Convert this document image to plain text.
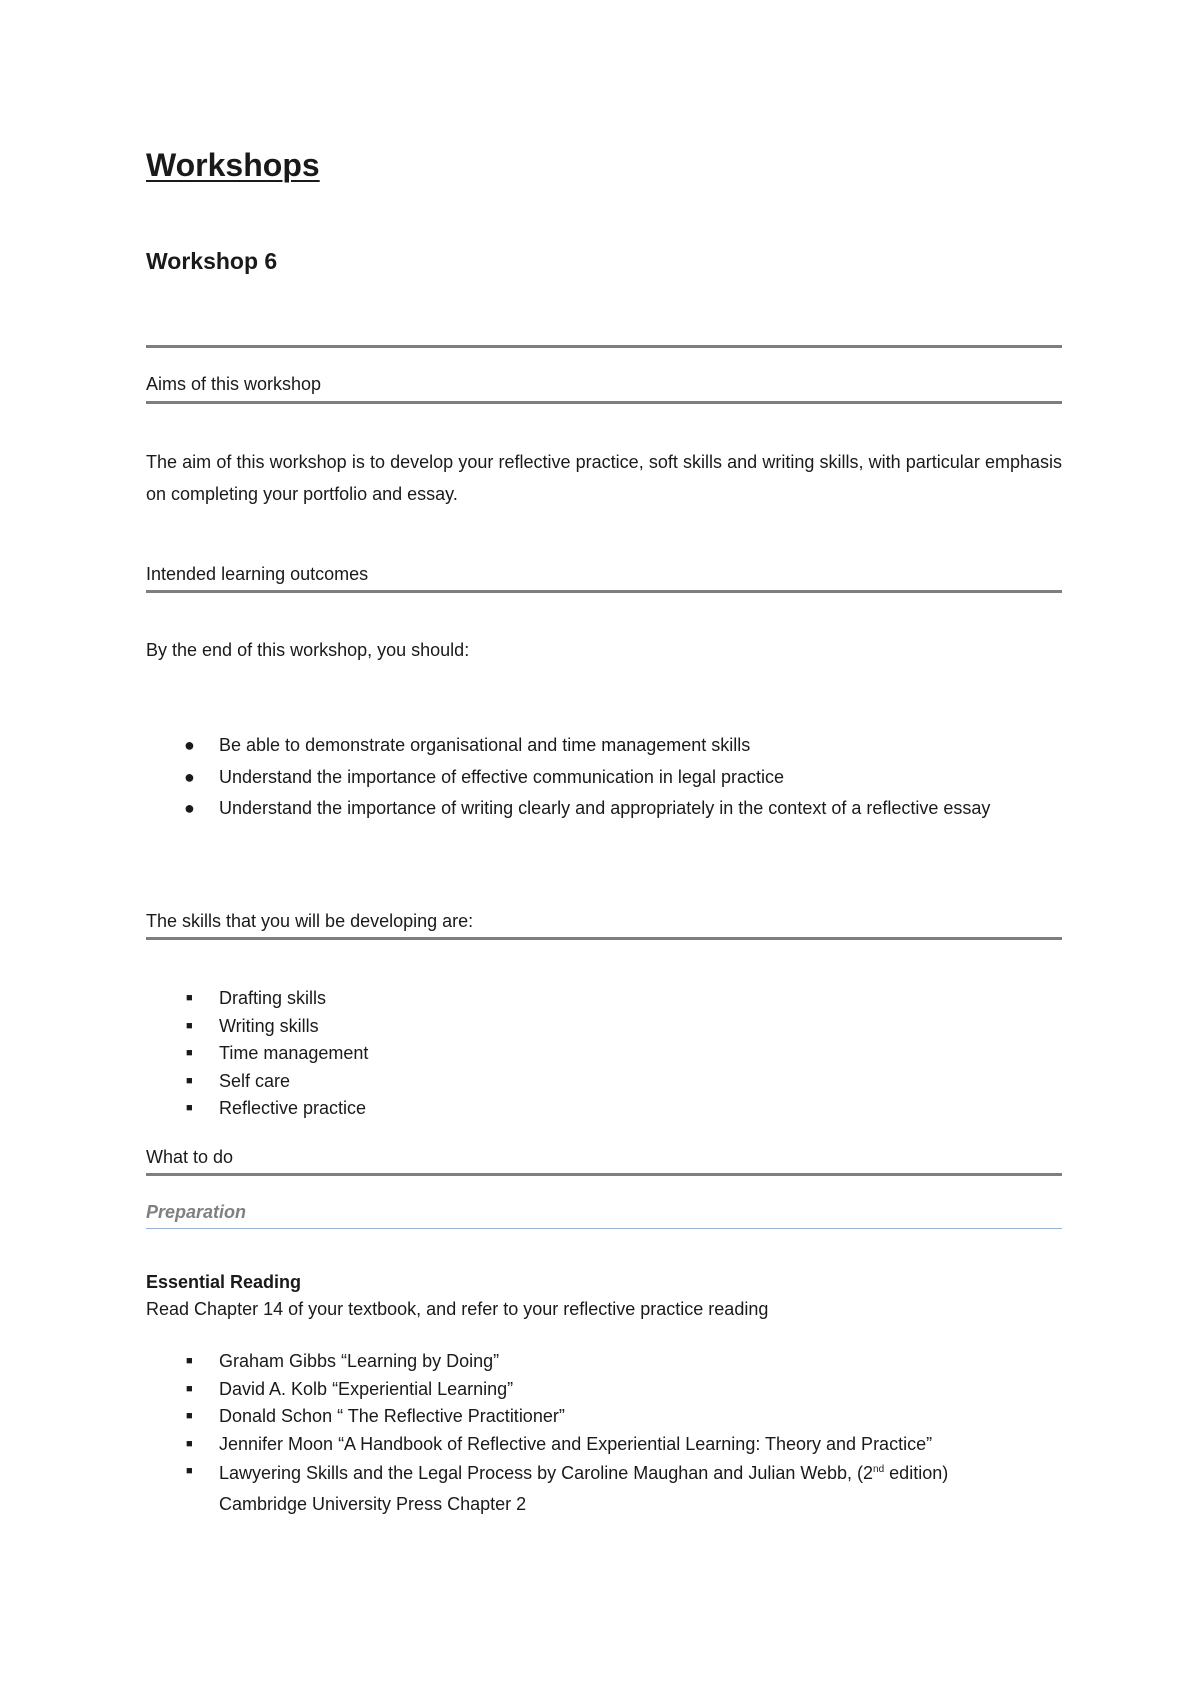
Workshops
Workshop 6

Aims of this workshop

The aim of this workshop is to develop your reflective practice, soft skills and writing skills, with particular emphasis on completing your portfolio and essay.

Intended learning outcomes

By the end of this workshop, you should:

● Be able to demonstrate organisational and time management skills
● Understand the importance of effective communication in legal practice
● Understand the importance of writing clearly and appropriately in the context of a reflective essay

The skills that you will be developing are:

■ Drafting skills
■ Writing skills
■ Time management
■ Self care
■ Reflective practice

What to do

Preparation

Essential Reading

Read Chapter 14 of your textbook, and refer to your reflective practice reading

■ Graham Gibbs “Learning by Doing”
■ David A. Kolb “Experiential Learning”
■ Donald Schon “ The Reflective Practitioner”
■ Jennifer Moon “A Handbook of Reflective and Experiential Learning: Theory and Practice”
■ Lawyering Skills and the Legal Process by Caroline Maughan and Julian Webb, (2nd edition)
Cambridge University Press Chapter 2
